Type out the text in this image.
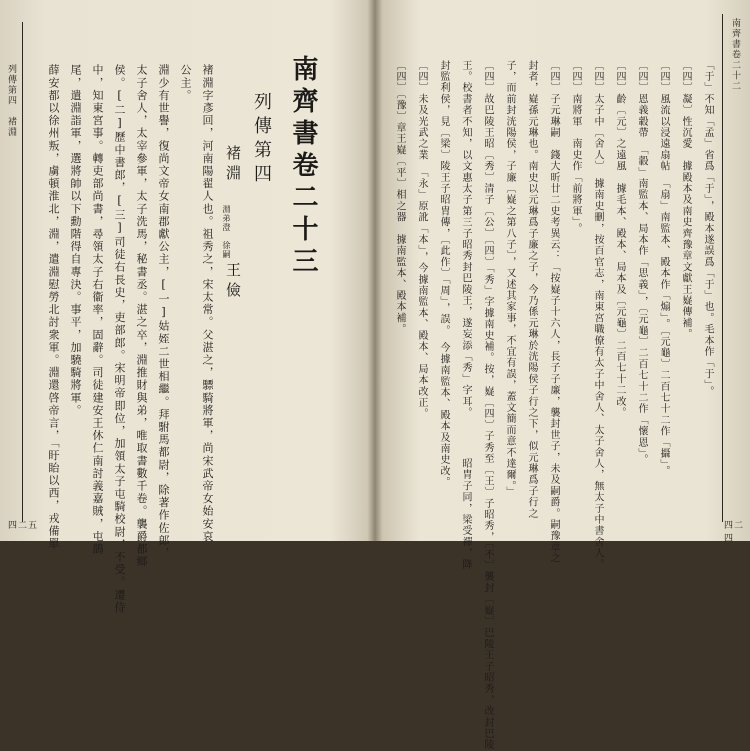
列傳第四　褚淵
四二五
南齊書卷二十三
列傳第四
褚淵
淵弟澄　徐嗣
王儉
褚淵字彥回，河南陽翟人也。祖秀之，宋太常。父湛之，驃騎將軍，尚宋武帝女始安哀
公主。
淵少有世譽，復尚文帝女南郡獻公主，[一]姑姪二世相繼。拜駙馬都尉，除著作佐郎，
太子舍人，太宰參軍，太子洗馬，秘書丞。湛之卒，淵推財與弟，唯取書數千卷。襲爵都鄉
侯。[二]歷中書郎，[三]司徒右長史，吏部郎。宋明帝即位，加領太子屯騎校尉，不受。遷侍
中，知東宮事。轉吏部尚書，尋領太子右衞率，固辭。司徒建安王休仁南討義嘉賊，屯鵲
尾，遣淵詣軍，選將帥以下勳階得自專決。事平，加驍騎將軍。
薛安都以徐州叛，虜頓淮北，淵，遣淵慰勞北討衆軍。淵還啓帝言，「盱眙以西，戎備單
南齊書卷二十二
四二四
「于」不知「孟」省爲「于」，殿本遂誤爲「于」也。毛本作「于」。
〔四〕凝〕性沉愛　據殿本及南史齊豫章文獻王嶷傳補。
〔四〕風流以浸遠扇帖　「扇」南監本、殿本作「煽」。〔元龜〕二百七十二作「攝」。
〔四〕恩義轂帶　「轂」南監本、局本作「思義」，〔元龜〕二百七十二作「懷恩」。
〔四〕齡〔元〕之遠風　據毛本、殿本、局本及〔元龜〕二百七十二改。
〔四〕太子中〔舍人〕　據南史刪，按百官志，南東宮職僚有太子中舍人、太子舍人，無太子中書舍人。
〔四〕南將軍　南史作「前將軍」。
〔四〕子元琳嗣　錢大昕廿二史考異云：「按嶷子十六人，長子子廉，襲封世子，未及嗣爵。嗣豫章之
封者，嶷孫元琳也。南史以元琳爲子廉之子，今乃係元琳於洸陽侯子行之下，似元琳爲子行之
子，而前封洸陽侯，子廉〔嶷之第八子〕，又述其家事，不宜有誤，蓋文簡而意不達爾。」
〔四〕故巴陵王昭〔秀〕清子〔公〕〔四〕「秀」字據南史補。按，嶷〔四〕子秀至〔王〕子昭秀，〔不〕襲封〔嶷〕巴陵王子昭秀，改封巴陵
王。校書者不知，以文惠太子第三子昭秀封巴陵王，遂妄添「秀」字耳。　　　　昭胄子同，梁受禪，降
封監利侯，見〔梁〕陵王子昭胄傳，〔此作〕「周」，誤。　今據南監本、殿本及南史改。
〔四〕未及光武之業　「永」原訛「本」，今據南監本、殿本、局本改正。
〔四〕〔豫〕章王嶷〔平〕相之器　據南監本、殿本補。
